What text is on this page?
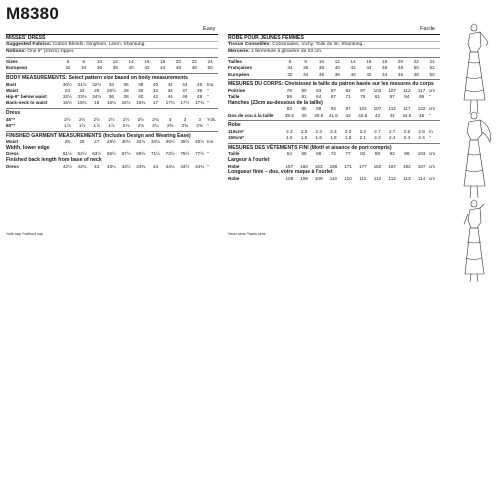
M8380
Easy	Facile
MISSES' DRESS
Suggested Fabrics: Cotton Blends, Gingham, Linen, Shantung.
Notions: One 9" (23cm) zipper.
Sizes	6	8	10	12	14	16	18	20	22	24
European	32	34	36	38	40	42	44	46	48	50
BODY MEASUREMENTS: Select pattern size based on body measurements
Bust	30½	31½	32½	34	36	38	40	42	44	46	Ins.
Waist	23	24	25	26½	28	30	32	34	37	39	"
Hip-9" below waist	32½	33½	34½	36	38	40	42	44	46	48	"
Back-neck to waist	15½	15¾	16	16¼	16½	16¾	17	17¼	17½	17¾	"
Dress
45"*	2½	2½	2½	2½	2½	2½	2¾	3	3	3	Yds.
60"*	1⅞	1⅞	1⅞	1⅞	2⅛	2⅛	2¼	2⅜	2⅜	2⅜	"
FINISHED GARMENT MEASUREMENTS (Includes Design and Wearing Ease)
Waist	25	26	27	28½	30½	32½	34½	36½	38½	40½	Ins.
Width, lower edge
Dress	61½	62½	63½	65½	67½	69½	71½	73½	75½	77½	"
Finished back length from base of neck
Dress	42½	42¾	43	43¼	43½	43¾	44	44¼	44½	44¾	"
ROBE POUR JEUNES FEMMES
Tissus Conseillés: Cotonnades, Vichy, Toile de lin, Shantung.
Mercerie: 1 fermeture à glissière de 23 cm.
Tailles	6	8	10	12	14	16	18	20	22	24
Françaises	34	36	38	40	42	44	46	48	50	52
Européen	32	34	36	38	40	42	44	46	48	50
MESURES DU CORPS: Choisissez la taille du patron basée sur les mesures du corps
Poitrine	78	80	83	87	92	97	102	107	112	117	cm
Taille	58	61	64	67	71	76	81	87	94	99	"
Hanches (23cm au-dessous de la taille)
	83	85	88	92	97	102	107	112	117	122	cm
Dos de cou à la taille	39.5	40	40.5	41.5	42	42.5	43	44	44.5	45	"
Robe
115cm*	2.3	2.3	2.3	2.3	2.3	2.3	2.7	2.7	2.8	2.8	m
150cm*	1.6	1.6	1.6	1.8	1.8	2.1	2.3	2.4	2.4	2.4	"
MESURES DES VÊTEMENTS FINI (Motif et aisance de port compris)
Taille	64	66	69	72	77	82	88	93	98	103	cm
Largeur à l'ourlet
Robe	157	160	163	166	171	177	182	187	192	197	cm
Longueur finie – dos, votre nuque à l'ourlet
Robe	108	109	109	110	110	111	112	112	113	114	cm
*with nap **without nap	*avec sens **sans sens
